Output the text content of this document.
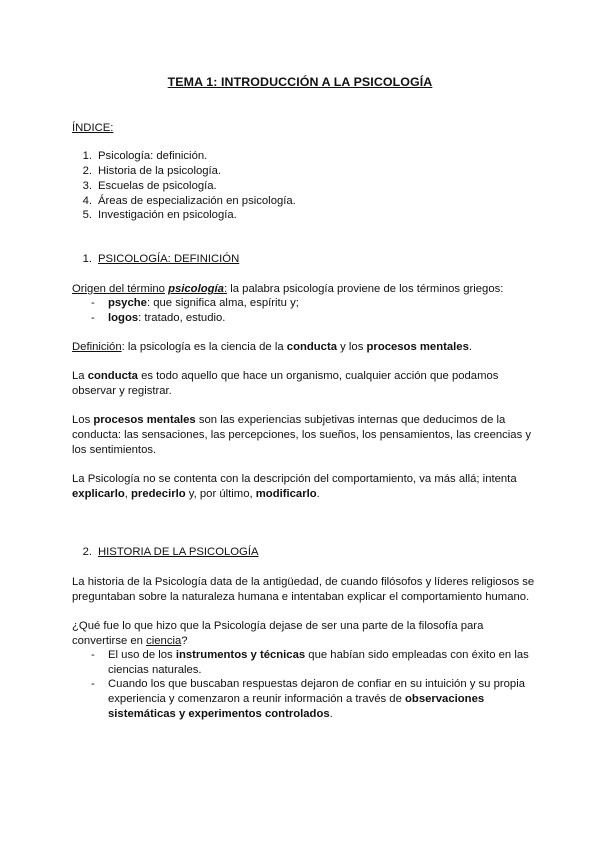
TEMA 1: INTRODUCCIÓN A LA PSICOLOGÍA

ÍNDICE:

1. Psicología: definición.

2. Historia de la psicología.

3. Escuelas de psicología.

4. Áreas de especialización en psicología.

5. Investigación en psicología.

1. PSICOLOGÍA: DEFINICIÓN

Origen del término psicología: la palabra psicología proviene de los términos griegos:

- psyche: que significa alma, espíritu y;

- logos: tratado, estudio.

Definición: la psicología es la ciencia de la conducta y los procesos mentales.

La conducta es todo aquello que hace un organismo, cualquier acción que podamos

observar y registrar.

Los procesos mentales son las experiencias subjetivas internas que deducimos de la

conducta: las sensaciones, las percepciones, los sueños, los pensamientos, las creencias y

los sentimientos.

La Psicología no se contenta con la descripción del comportamiento, va más allá; intenta

explicarlo, predecirlo y, por último, modificarlo.

2. HISTORIA DE LA PSICOLOGÍA

La historia de la Psicología data de la antigüedad, de cuando filósofos y líderes religiosos se

preguntaban sobre la naturaleza humana e intentaban explicar el comportamiento humano.

¿Qué fue lo que hizo que la Psicología dejase de ser una parte de la filosofía para

convertirse en ciencia?

- El uso de los instrumentos y técnicas que habían sido empleadas con éxito en las

ciencias naturales.

- Cuando los que buscaban respuestas dejaron de confiar en su intuición y su propia

experiencia y comenzaron a reunir información a través de observaciones

sistemáticas y experimentos controlados.
